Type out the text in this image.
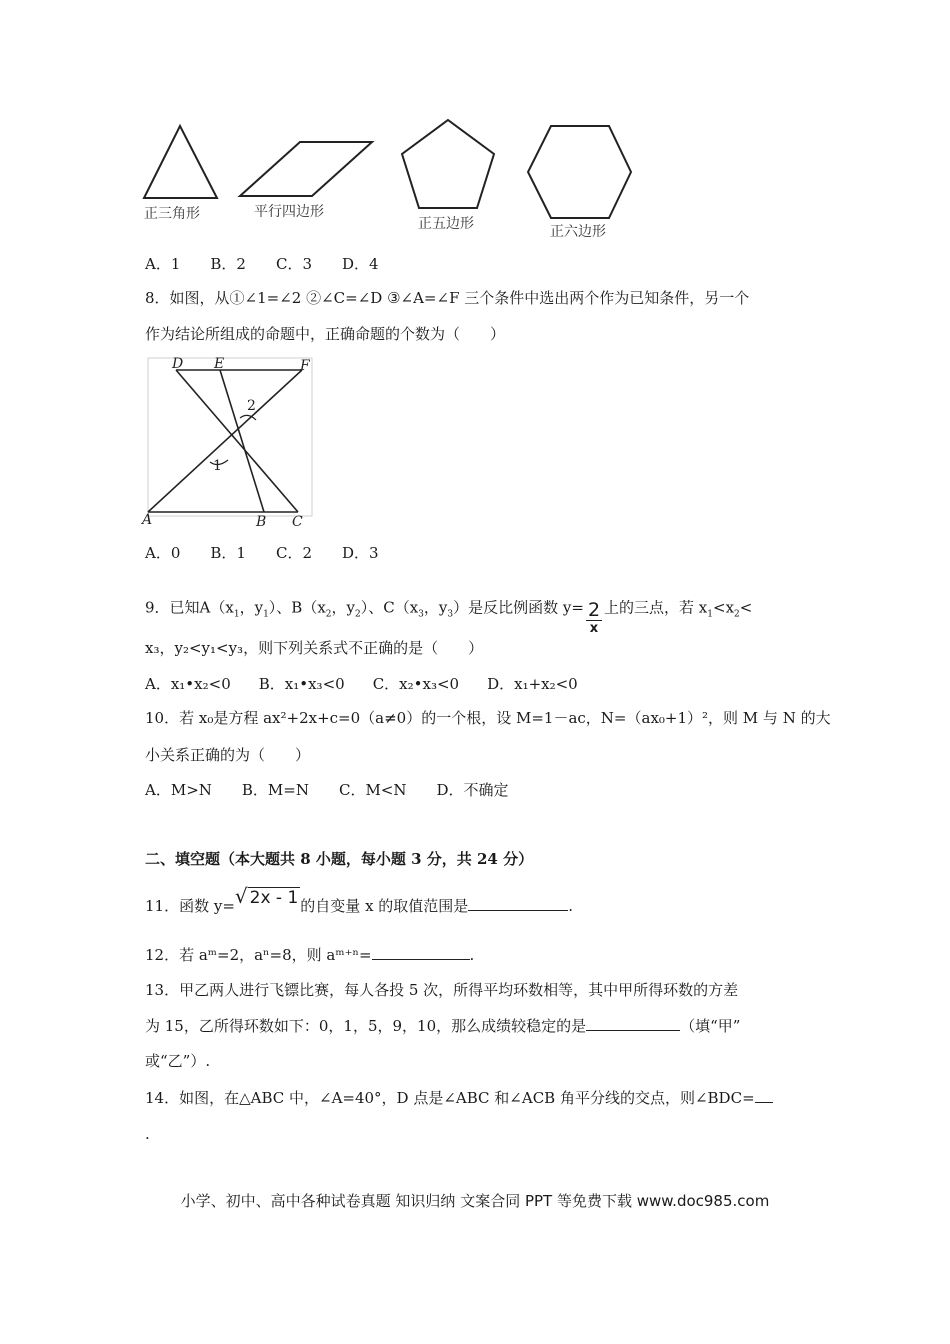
正三角形	平行四边形
正五边形	正六边形
A．1 B．2 C．3 D．4
8．如图，从①∠1=∠2 ②∠C=∠D ③∠A=∠F 三个条件中选出两个作为已知条件，另一个
作为结论所组成的命题中，正确命题的个数为（　　）
D E	F
A	B C
1
2
A．0 B．1 C．2 D．3
9．已知$A(x_1$，$y_1$）、$B(x_2$，$y_2$）、$C(x_3$，$y_3$）是反比例函数 $y= \frac{2}{x}$ 上的三点，若 $x_1<x_2<$
x₃，y₂<y₁<y₃，则下列关系式不正确的是（　　）
A．x₁•x₂<0 B．x₁•x₃<0 C．x₂•x₃<0 D．x₁+x₂<0
10．若 x₀是方程 ax²+2x+c=0（a≠0）的一个根，设 M=1－ac，N=（ax₀+1）²，则 M 与 N 的大
小关系正确的为（　　）
A．M>N B．M=N C．M<N D．不确定
二、填空题（本大题共 8 小题，每小题 3 分，共 24 分）
11．函数 y=√ 2x - 1 的自变量 x 的取值范围是	.
12．若 aᵐ=2，aⁿ=8，则 aᵐ⁺ⁿ=	.
13．甲乙两人进行飞镖比赛，每人各投 5 次，所得平均环数相等，其中甲所得环数的方差
为 15，乙所得环数如下：0，1，5，9，10，那么成绩较稳定的是	（填“甲”
或“乙”）.
14．如图，在△ABC 中，∠A=40°，D 点是∠ABC 和∠ACB 角平分线的交点，则∠BDC=
.
小学、初中、高中各种试卷真题 知识归纳 文案合同 PPT 等免费下载 www.doc985.com
